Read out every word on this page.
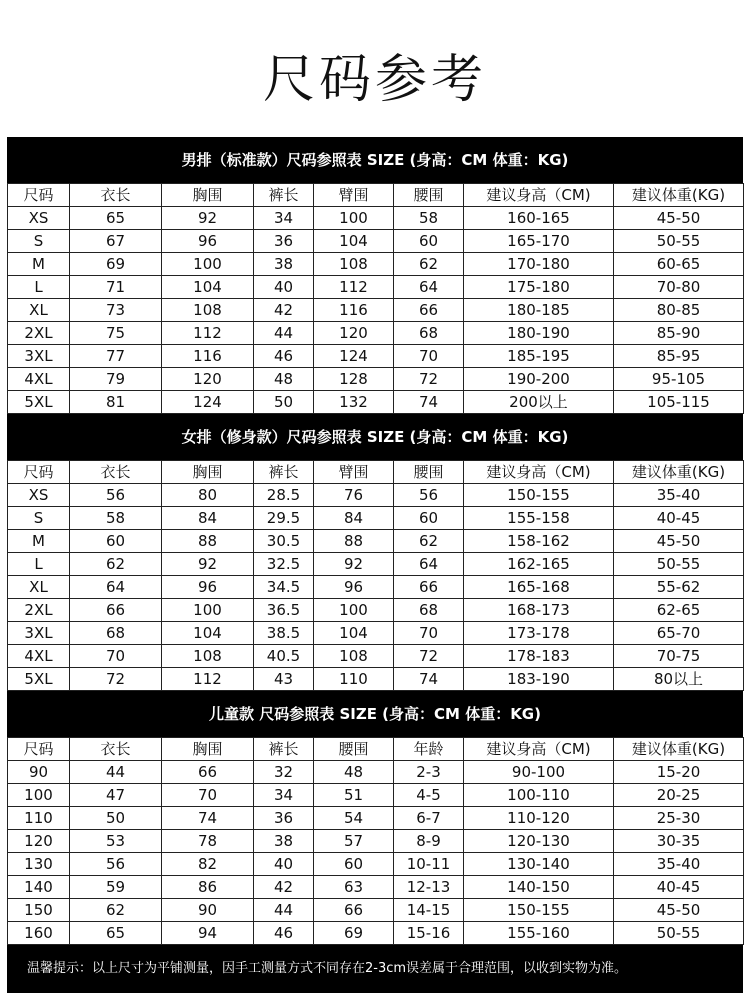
尺码参考
男排（标准款）尺码参照表 SIZE (身高：CM 体重：KG)
尺码	衣长	胸围	裤长	臂围	腰围	建议身高（CM)	建议体重(KG)
XS	65	92	34	100	58	160-165	45-50
S	67	96	36	104	60	165-170	50-55
M	69	100	38	108	62	170-180	60-65
L	71	104	40	112	64	175-180	70-80
XL	73	108	42	116	66	180-185	80-85
2XL	75	112	44	120	68	180-190	85-90
3XL	77	116	46	124	70	185-195	85-95
4XL	79	120	48	128	72	190-200	95-105
5XL	81	124	50	132	74	200以上	105-115
女排（修身款）尺码参照表 SIZE (身高：CM 体重：KG)
尺码	衣长	胸围	裤长	臂围	腰围	建议身高（CM)	建议体重(KG)
XS	56	80	28.5	76	56	150-155	35-40
S	58	84	29.5	84	60	155-158	40-45
M	60	88	30.5	88	62	158-162	45-50
L	62	92	32.5	92	64	162-165	50-55
XL	64	96	34.5	96	66	165-168	55-62
2XL	66	100	36.5	100	68	168-173	62-65
3XL	68	104	38.5	104	70	173-178	65-70
4XL	70	108	40.5	108	72	178-183	70-75
5XL	72	112	43	110	74	183-190	80以上
儿童款 尺码参照表 SIZE (身高：CM 体重：KG)
尺码	衣长	胸围	裤长	腰围	年龄	建议身高（CM)	建议体重(KG)
90	44	66	32	48	2-3	90-100	15-20
100	47	70	34	51	4-5	100-110	20-25
110	50	74	36	54	6-7	110-120	25-30
120	53	78	38	57	8-9	120-130	30-35
130	56	82	40	60	10-11	130-140	35-40
140	59	86	42	63	12-13	140-150	40-45
150	62	90	44	66	14-15	150-155	45-50
160	65	94	46	69	15-16	155-160	50-55
温馨提示：以上尺寸为平铺测量，因手工测量方式不同存在2-3cm误差属于合理范围，以收到实物为准。
